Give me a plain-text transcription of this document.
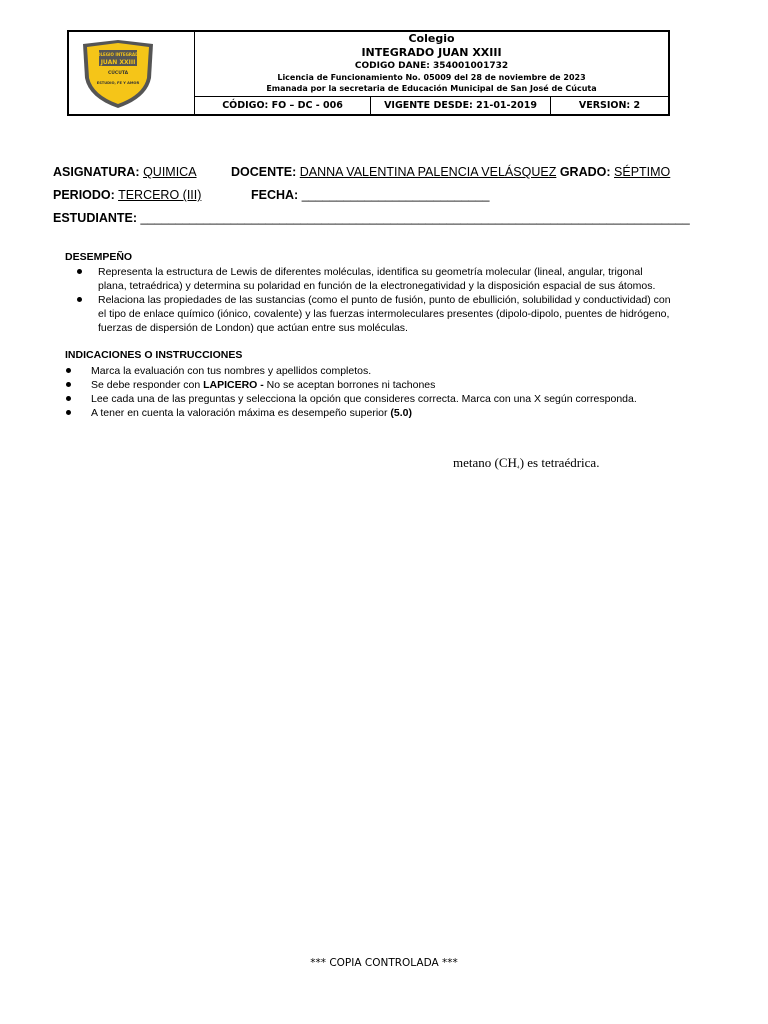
COLEGIO INTEGRADO
JUAN XXIII
CÚCUTA
ESTUDIO, FE Y AMOR
Colegio
INTEGRADO JUAN XXIII
CODIGO DANE: 354001001732
Licencia de Funcionamiento No. 05009 del 28 de noviembre de 2023
Emanada por la secretaria de Educación Municipal de San José de Cúcuta
CÓDIGO: FO – DC - 006	VIGENTE DESDE: 21-01-2019	VERSION: 2
ASIGNATURA: QUIMICA	DOCENTE: DANNA VALENTINA PALENCIA VELÁSQUEZ GRADO: SÉPTIMO
PERIODO: TERCERO (III)	FECHA: ___________________________
ESTUDIANTE: _______________________________________________________________________________
DESEMPEÑO
Representa la estructura de Lewis de diferentes moléculas, identifica su geometría molecular (lineal, angular, trigonal
plana, tetraédrica) y determina su polaridad en función de la electronegatividad y la disposición espacial de sus átomos.
Relaciona las propiedades de las sustancias (como el punto de fusión, punto de ebullición, solubilidad y conductividad) con
el tipo de enlace químico (iónico, covalente) y las fuerzas intermoleculares presentes (dipolo-dipolo, puentes de hidrógeno,
fuerzas de dispersión de London) que actúan entre sus moléculas.
INDICACIONES O INSTRUCCIONES
Marca la evaluación con tus nombres y apellidos completos.
Se debe responder con LAPICERO - No se aceptan borrones ni tachones
Lee cada una de las preguntas y selecciona la opción que consideres correcta. Marca con una X según corresponda.
A tener en cuenta la valoración máxima es desempeño superior (5.0)
metano (CH₄) es tetraédrica.
*** COPIA CONTROLADA ***
